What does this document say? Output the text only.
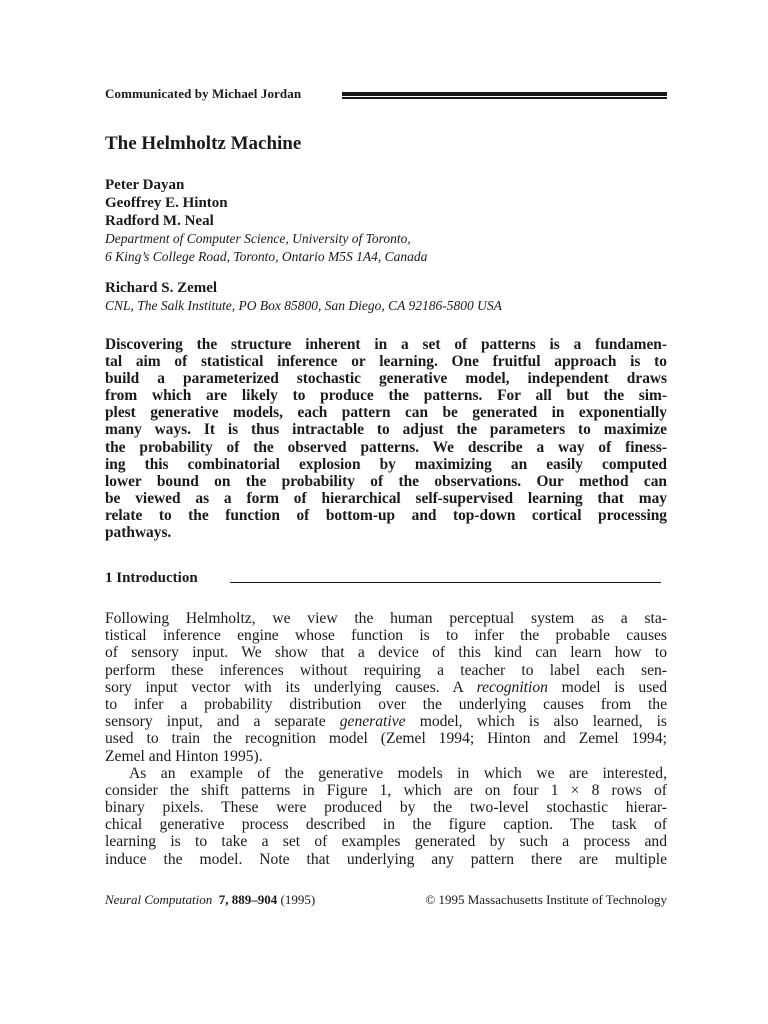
Communicated by Michael Jordan
The Helmholtz Machine
Peter Dayan
Geoffrey E. Hinton
Radford M. Neal
Department of Computer Science, University of Toronto,
6 King’s College Road, Toronto, Ontario M5S 1A4, Canada
Richard S. Zemel
CNL, The Salk Institute, PO Box 85800, San Diego, CA 92186-5800 USA
Discovering the structure inherent in a set of patterns is a fundamen-
tal aim of statistical inference or learning. One fruitful approach is to
build a parameterized stochastic generative model, independent draws
from which are likely to produce the patterns. For all but the sim-
plest generative models, each pattern can be generated in exponentially
many ways. It is thus intractable to adjust the parameters to maximize
the probability of the observed patterns. We describe a way of finess-
ing this combinatorial explosion by maximizing an easily computed
lower bound on the probability of the observations. Our method can
be viewed as a form of hierarchical self-supervised learning that may
relate to the function of bottom-up and top-down cortical processing
pathways.
1 Introduction
Following Helmholtz, we view the human perceptual system as a sta-
tistical inference engine whose function is to infer the probable causes
of sensory input. We show that a device of this kind can learn how to
perform these inferences without requiring a teacher to label each sen-
sory input vector with its underlying causes. A recognition model is used
to infer a probability distribution over the underlying causes from the
sensory input, and a separate generative model, which is also learned, is
used to train the recognition model (Zemel 1994; Hinton and Zemel 1994;
Zemel and Hinton 1995).
As an example of the generative models in which we are interested,
consider the shift patterns in Figure 1, which are on four 1 × 8 rows of
binary pixels. These were produced by the two-level stochastic hierar-
chical generative process described in the figure caption. The task of
learning is to take a set of examples generated by such a process and
induce the model. Note that underlying any pattern there are multiple
Neural Computation 7, 889–904 (1995)	© 1995 Massachusetts Institute of Technology
